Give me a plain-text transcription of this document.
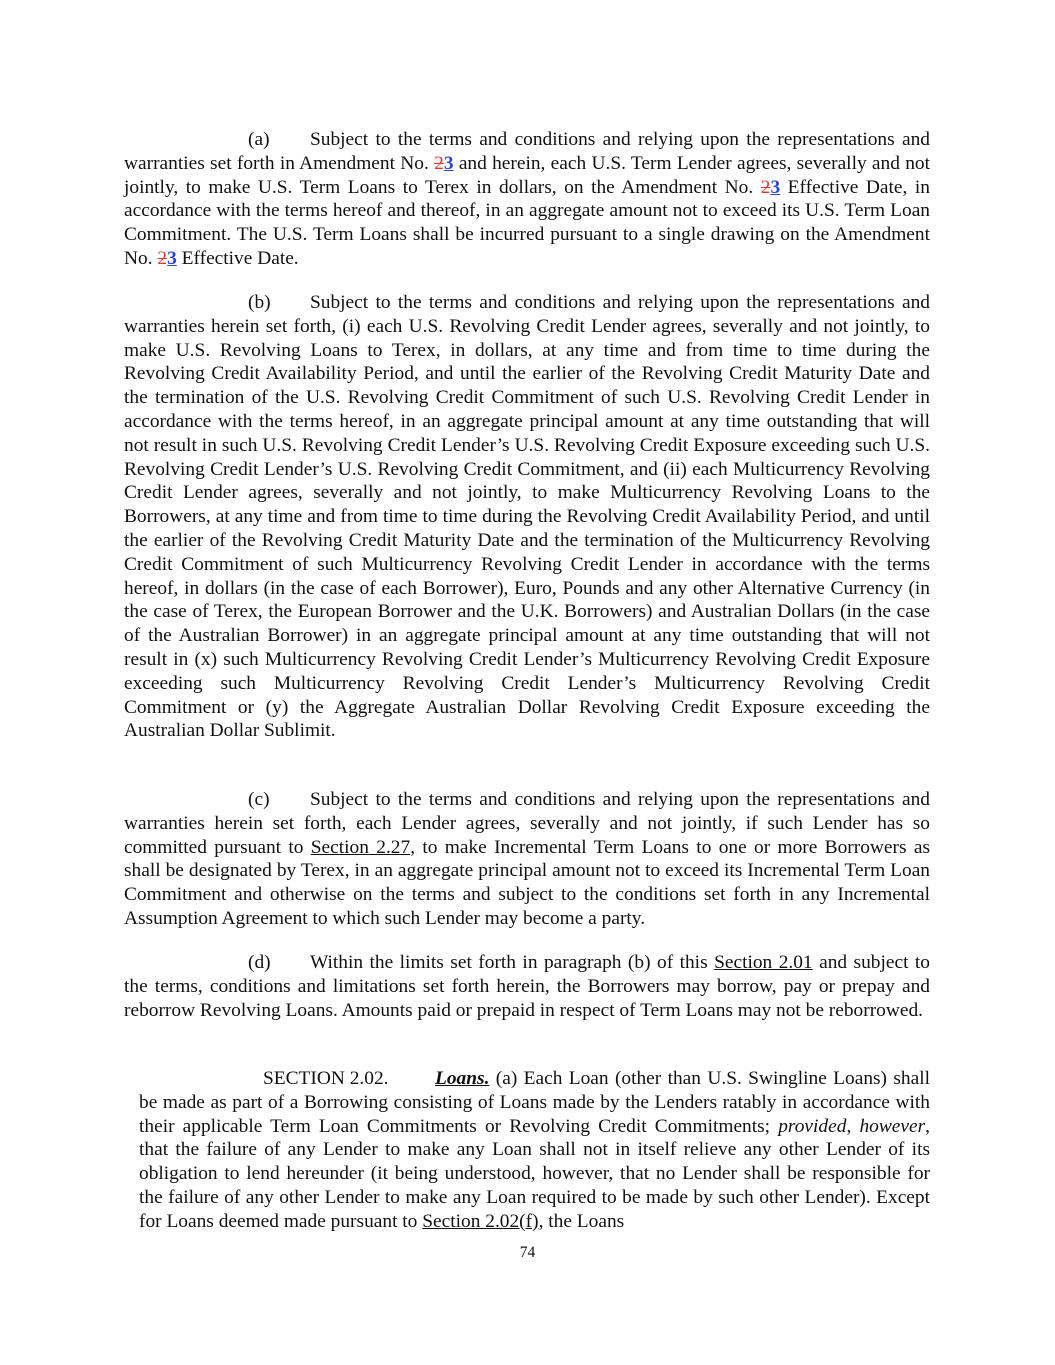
(a) Subject to the terms and conditions and relying upon the representations and warranties set forth in Amendment No. 23 and herein, each U.S. Term Lender agrees, severally and not jointly, to make U.S. Term Loans to Terex in dollars, on the Amendment No. 23 Effective Date, in accordance with the terms hereof and thereof, in an aggregate amount not to exceed its U.S. Term Loan Commitment. The U.S. Term Loans shall be incurred pursuant to a single drawing on the Amendment No. 23 Effective Date.

(b) Subject to the terms and conditions and relying upon the representations and warranties herein set forth, (i) each U.S. Revolving Credit Lender agrees, severally and not jointly, to make U.S. Revolving Loans to Terex, in dollars, at any time and from time to time during the Revolving Credit Availability Period, and until the earlier of the Revolving Credit Maturity Date and the termination of the U.S. Revolving Credit Commitment of such U.S. Revolving Credit Lender in accordance with the terms hereof, in an aggregate principal amount at any time outstanding that will not result in such U.S. Revolving Credit Lender’s U.S. Revolving Credit Exposure exceeding such U.S. Revolving Credit Lender’s U.S. Revolving Credit Commitment, and (ii) each Multicurrency Revolving Credit Lender agrees, severally and not jointly, to make Multicurrency Revolving Loans to the Borrowers, at any time and from time to time during the Revolving Credit Availability Period, and until the earlier of the Revolving Credit Maturity Date and the termination of the Multicurrency Revolving Credit Commitment of such Multicurrency Revolving Credit Lender in accordance with the terms hereof, in dollars (in the case of each Borrower), Euro, Pounds and any other Alternative Currency (in the case of Terex, the European Borrower and the U.K. Borrowers) and Australian Dollars (in the case of the Australian Borrower) in an aggregate principal amount at any time outstanding that will not result in (x) such Multicurrency Revolving Credit Lender’s Multicurrency Revolving Credit Exposure exceeding such Multicurrency Revolving Credit Lender’s Multicurrency Revolving Credit Commitment or (y) the Aggregate Australian Dollar Revolving Credit Exposure exceeding the Australian Dollar Sublimit.

(c) Subject to the terms and conditions and relying upon the representations and warranties herein set forth, each Lender agrees, severally and not jointly, if such Lender has so committed pursuant to Section 2.27, to make Incremental Term Loans to one or more Borrowers as shall be designated by Terex, in an aggregate principal amount not to exceed its Incremental Term Loan Commitment and otherwise on the terms and subject to the conditions set forth in any Incremental Assumption Agreement to which such Lender may become a party.

(d) Within the limits set forth in paragraph (b) of this Section 2.01 and subject to the terms, conditions and limitations set forth herein, the Borrowers may borrow, pay or prepay and reborrow Revolving Loans. Amounts paid or prepaid in respect of Term Loans may not be reborrowed.

SECTION 2.02. Loans. (a) Each Loan (other than U.S. Swingline Loans) shall be made as part of a Borrowing consisting of Loans made by the Lenders ratably in accordance with their applicable Term Loan Commitments or Revolving Credit Commitments; provided, however, that the failure of any Lender to make any Loan shall not in itself relieve any other Lender of its obligation to lend hereunder (it being understood, however, that no Lender shall be responsible for the failure of any other Lender to make any Loan required to be made by such other Lender). Except for Loans deemed made pursuant to Section 2.02(f), the Loans

74
